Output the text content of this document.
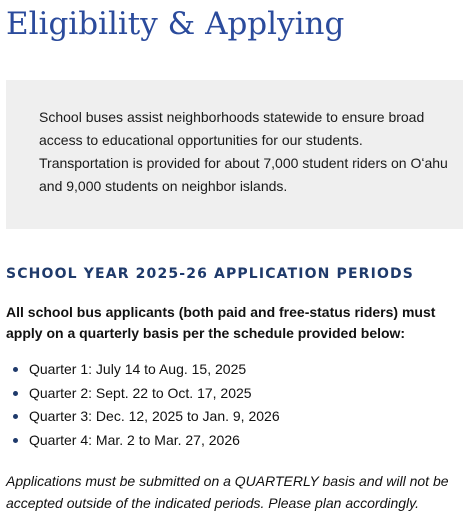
Eligibility & Applying

School buses assist neighborhoods statewide to ensure broad access to educational opportunities for our students. Transportation is provided for about 7,000 student riders on Oʻahu and 9,000 students on neighbor islands.

SCHOOL YEAR 2025-26 APPLICATION PERIODS

All school bus applicants (both paid and free-status riders) must apply on a quarterly basis per the schedule provided below:

Quarter 1: July 14 to Aug. 15, 2025
Quarter 2: Sept. 22 to Oct. 17, 2025
Quarter 3: Dec. 12, 2025 to Jan. 9, 2026
Quarter 4: Mar. 2 to Mar. 27, 2026

Applications must be submitted on a QUARTERLY basis and will not be accepted outside of the indicated periods. Please plan accordingly.
